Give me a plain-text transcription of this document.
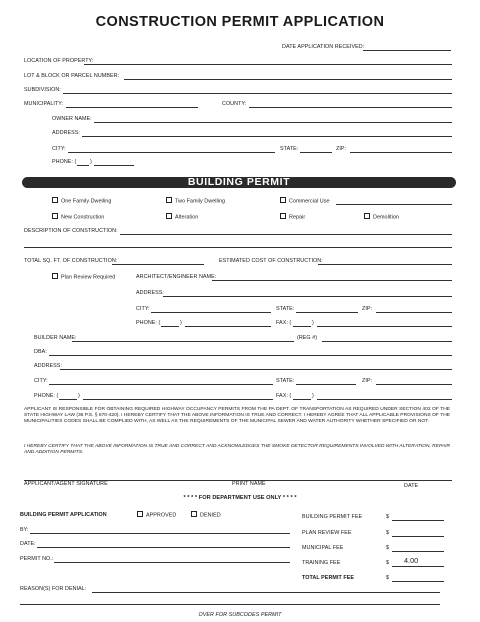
CONSTRUCTION PERMIT APPLICATION
DATE APPLICATION RECEIVED:
LOCATION OF PROPERTY:
LOT & BLOCK OR PARCEL NUMBER:
SUBDIVISION:
MUNICIPALITY:	COUNTY:
OWNER NAME:
ADDRESS:
CITY:	STATE:	ZIP:
PHONE: (	)
BUILDING PERMIT
One Family Dwelling	Two Family Dwelling	Commercial Use
New Construction	Alteration	Repair	Demolition
DESCRIPTION OF CONSTRUCTION:
TOTAL SQ. FT. OF CONSTRUCTION:	ESTIMATED COST OF CONSTRUCTION:
Plan Review Required	ARCHITECT/ENGINEER NAME:
ADDRESS:
CITY:	STATE:	ZIP:
PHONE: (	)	FAX: (	)
BUILDER NAME:	(REG #)
DBA:
ADDRESS:
CITY:	STATE:	ZIP:
PHONE: (	)	FAX: (	)
APPLICANT IS RESPONSIBLE FOR OBTAINING REQUIRED HIGHWAY OCCUPANCY PERMITS FROM THE PA DEPT. OF TRANSPORTATION AS REQUIRED UNDER SECTION 402 OF THE STATE HIGHWAY LAW (36 P.S. § 670-420). I HEREBY CERTIFY THAT THE ABOVE INFORMATION IS TRUE AND CORRECT. I HEREBY AGREE THAT ALL APPLICABLE PROVISIONS OF THE MUNICIPALITIES CODES SHALL BE COMPLIED WITH, AS WELL AS THE REQUIREMENTS OF THE MUNICIPAL SEWER AND WATER AUTHORITY WHETHER SPECIFIED OR NOT.
I HEREBY CERTIFY THAT THE ABOVE INFORMATION IS TRUE AND CORRECT AND ACKNOWLEDGES THE SMOKE DETECTOR REQUIREMENTS INVOLVED WITH ALTERATION, REPAIR AND ADDITION PERMITS.
APPLICANT/AGENT SIGNATURE	PRINT NAME	DATE
* * * * FOR DEPARTMENT USE ONLY * * * *
BUILDING PERMIT APPLICATION	APPROVED	DENIED
BY:
DATE:
PERMIT NO.:
BUILDING PERMIT FEE	$
PLAN REVIEW FEE	$
MUNICIPAL FEE	$
TRAINING FEE	$ 4.00
TOTAL PERMIT FEE	$
REASON(S) FOR DENIAL:
OVER FOR SUBCODES PERMIT
